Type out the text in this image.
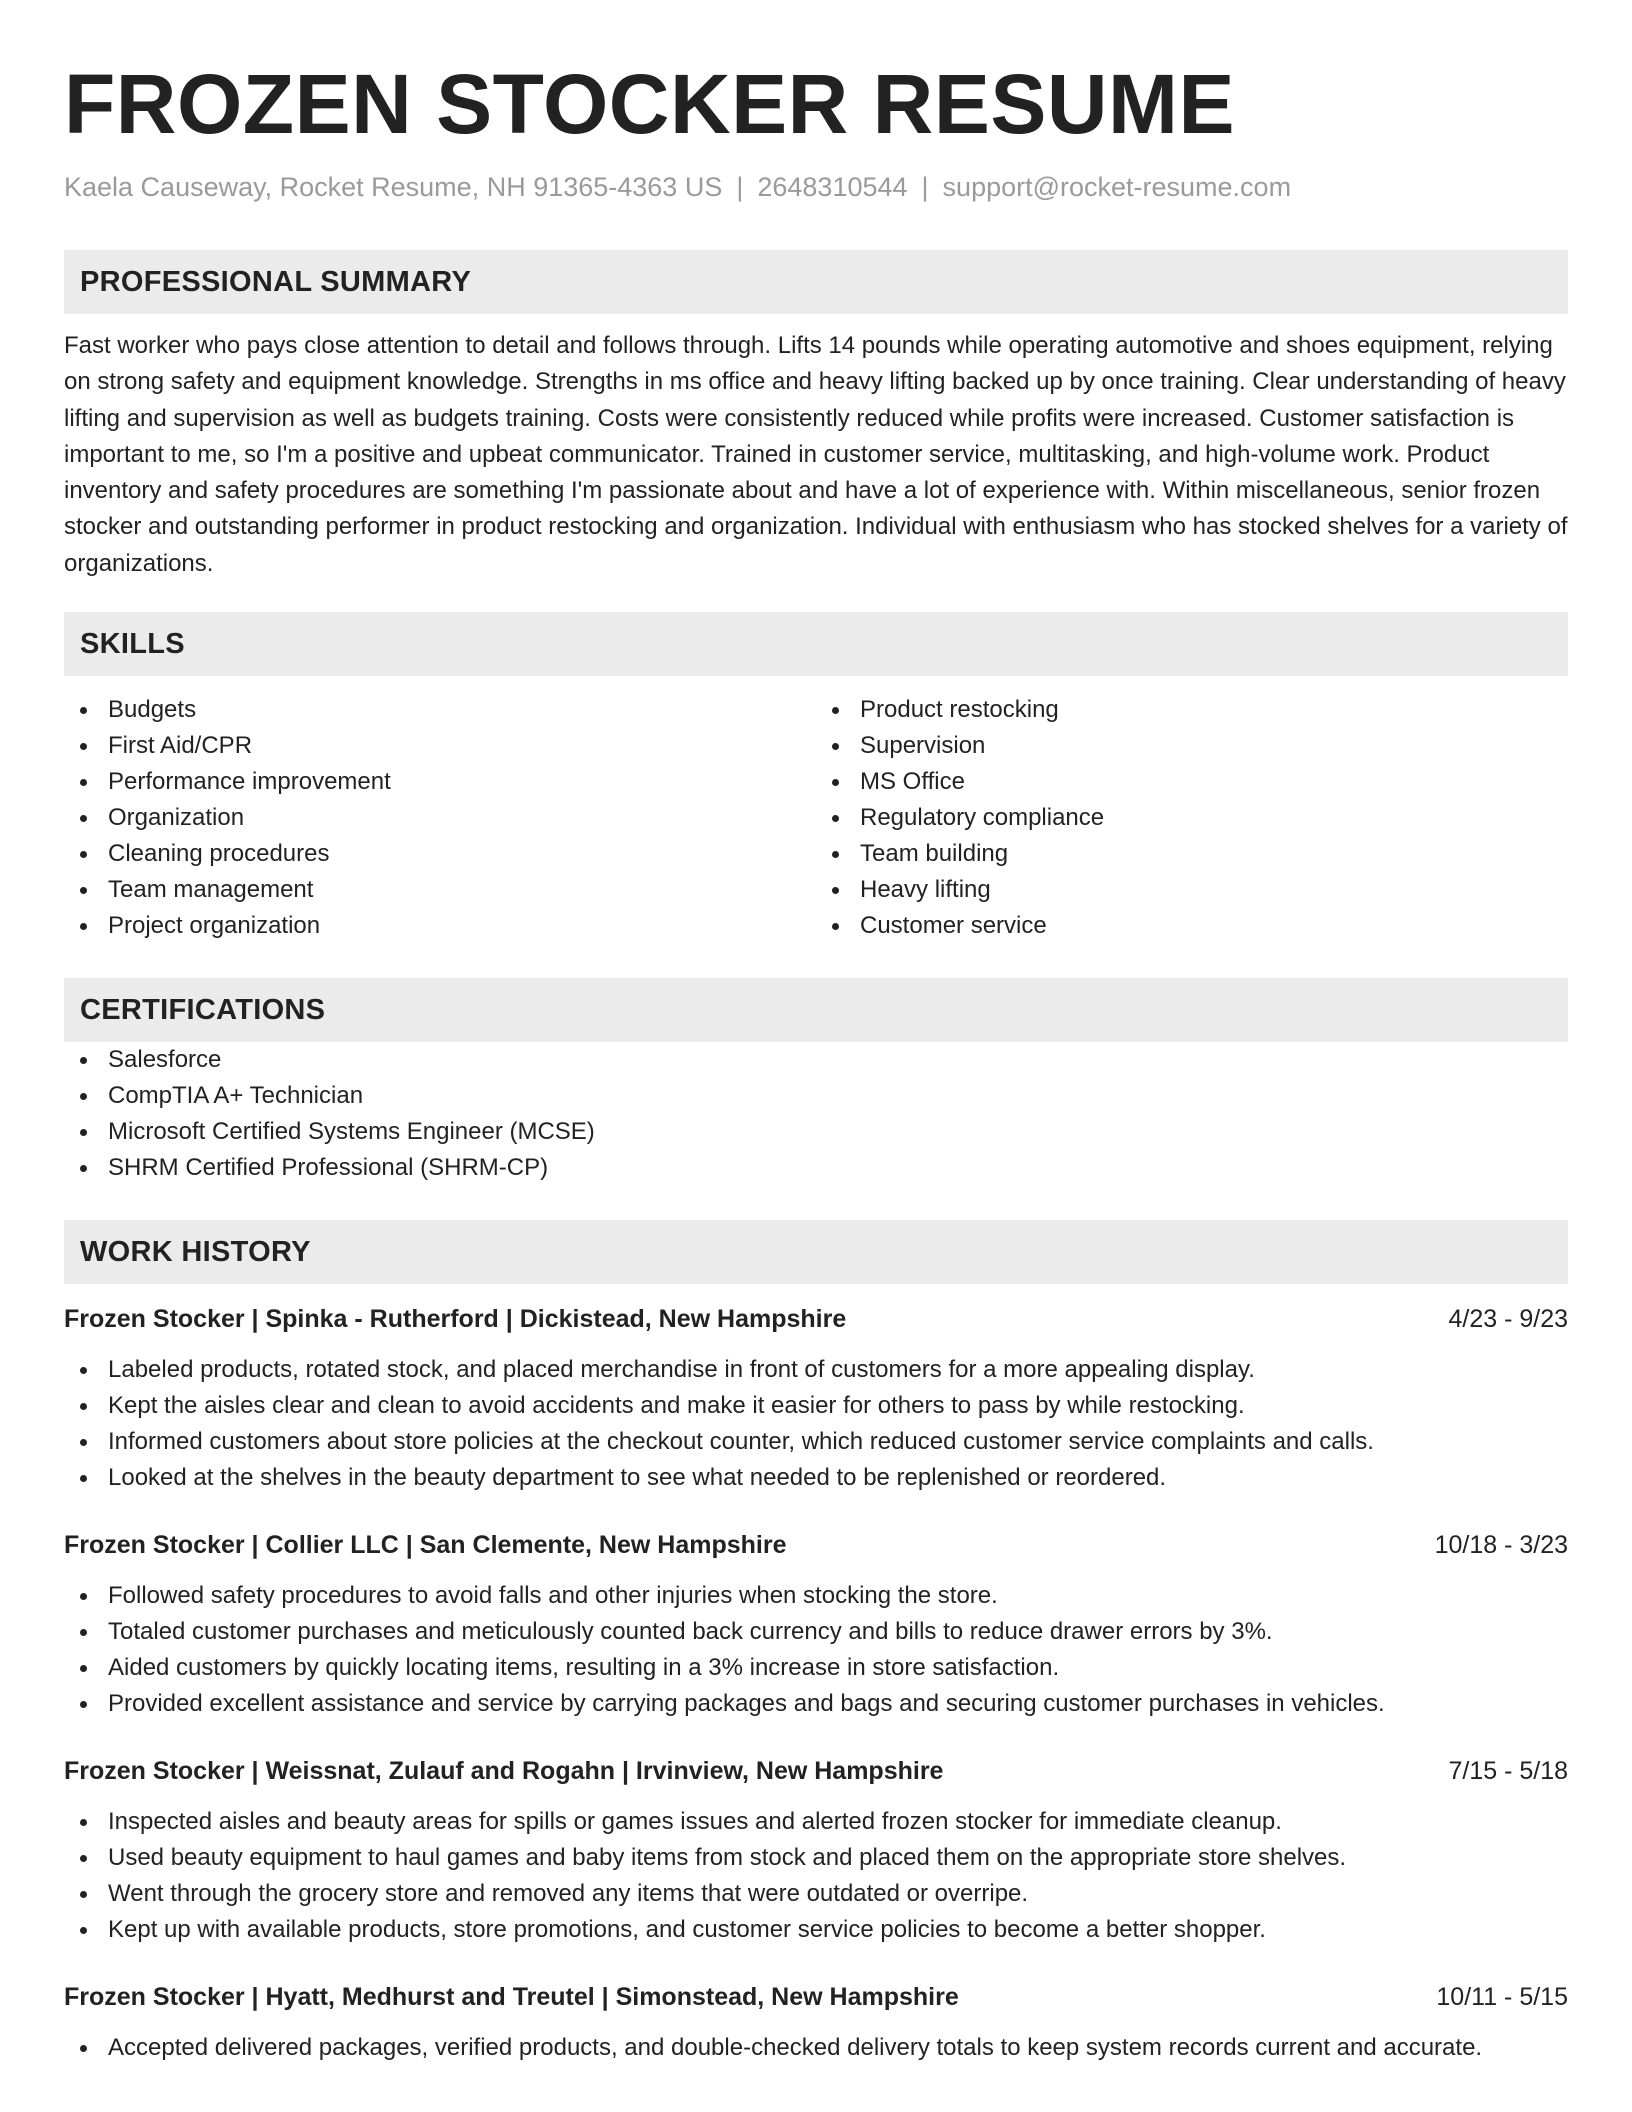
FROZEN STOCKER RESUME
Kaela Causeway, Rocket Resume, NH 91365-4363 US | 2648310544 | support@rocket-resume.com
PROFESSIONAL SUMMARY

Fast worker who pays close attention to detail and follows through. Lifts 14 pounds while operating automotive and shoes equipment, relying on strong safety and equipment knowledge. Strengths in ms office and heavy lifting backed up by once training. Clear understanding of heavy lifting and supervision as well as budgets training. Costs were consistently reduced while profits were increased. Customer satisfaction is important to me, so I'm a positive and upbeat communicator. Trained in customer service, multitasking, and high-volume work. Product inventory and safety procedures are something I'm passionate about and have a lot of experience with. Within miscellaneous, senior frozen stocker and outstanding performer in product restocking and organization. Individual with enthusiasm who has stocked shelves for a variety of organizations.

SKILLS
Budgets
First Aid/CPR
Performance improvement
Organization
Cleaning procedures
Team management
Project organization
Product restocking
Supervision
MS Office
Regulatory compliance
Team building
Heavy lifting
Customer service
CERTIFICATIONS
Salesforce
CompTIA A+ Technician
Microsoft Certified Systems Engineer (MCSE)
SHRM Certified Professional (SHRM-CP)
WORK HISTORY
Frozen Stocker | Spinka - Rutherford | Dickistead, New Hampshire	4/23 - 9/23
Labeled products, rotated stock, and placed merchandise in front of customers for a more appealing display.
Kept the aisles clear and clean to avoid accidents and make it easier for others to pass by while restocking.
Informed customers about store policies at the checkout counter, which reduced customer service complaints and calls.
Looked at the shelves in the beauty department to see what needed to be replenished or reordered.
Frozen Stocker | Collier LLC | San Clemente, New Hampshire	10/18 - 3/23
Followed safety procedures to avoid falls and other injuries when stocking the store.
Totaled customer purchases and meticulously counted back currency and bills to reduce drawer errors by 3%.
Aided customers by quickly locating items, resulting in a 3% increase in store satisfaction.
Provided excellent assistance and service by carrying packages and bags and securing customer purchases in vehicles.
Frozen Stocker | Weissnat, Zulauf and Rogahn | Irvinview, New Hampshire	7/15 - 5/18
Inspected aisles and beauty areas for spills or games issues and alerted frozen stocker for immediate cleanup.
Used beauty equipment to haul games and baby items from stock and placed them on the appropriate store shelves.
Went through the grocery store and removed any items that were outdated or overripe.
Kept up with available products, store promotions, and customer service policies to become a better shopper.
Frozen Stocker | Hyatt, Medhurst and Treutel | Simonstead, New Hampshire	10/11 - 5/15
Accepted delivered packages, verified products, and double-checked delivery totals to keep system records current and accurate.
